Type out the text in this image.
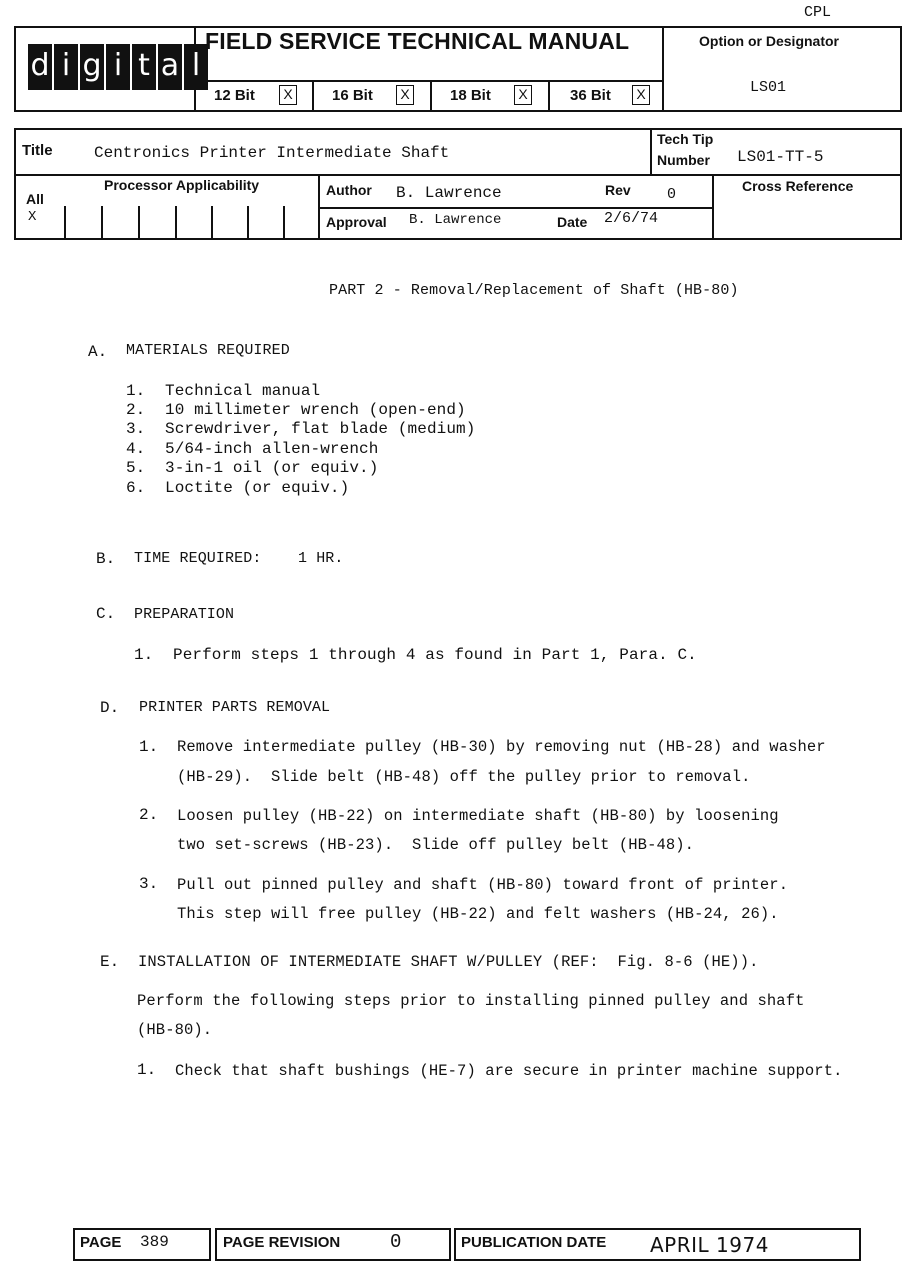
CPL
d i g i t a l
FIELD SERVICE TECHNICAL MANUAL	Option or Designator
LS01
12 Bit	X	16 Bit	X	18 Bit	X	36 Bit	X
Title	Centronics Printer Intermediate Shaft
Tech Tip
Number LS01-TT-5
Processor Applicability
All
X
Author B. Lawrence	Rev 0
Approval B. Lawrence	Date 2/6/74
Cross Reference
PART 2 - Removal/Replacement of Shaft (HB-80)
A. MATERIALS REQUIRED
1. Technical manual
2. 10 millimeter wrench (open-end)
3. Screwdriver, flat blade (medium)
4. 5/64-inch allen-wrench
5. 3-in-1 oil (or equiv.)
6. Loctite (or equiv.)
B. TIME REQUIRED: 1 HR.
C. PREPARATION
1. Perform steps 1 through 4 as found in Part 1, Para. C.
D. PRINTER PARTS REMOVAL
1. Remove intermediate pulley (HB-30) by removing nut (HB-28) and washer
(HB-29).  Slide belt (HB-48) off the pulley prior to removal.
2. Loosen pulley (HB-22) on intermediate shaft (HB-80) by loosening
two set-screws (HB-23).  Slide off pulley belt (HB-48).
3. Pull out pinned pulley and shaft (HB-80) toward front of printer.
This step will free pulley (HB-22) and felt washers (HB-24, 26).
E. INSTALLATION OF INTERMEDIATE SHAFT W/PULLEY (REF:  Fig. 8-6 (HE)).
Perform the following steps prior to installing pinned pulley and shaft
(HB-80).
1. Check that shaft bushings (HE-7) are secure in printer machine support.
PAGE 389	PAGE REVISION	0	PUBLICATION DATE APRIL 1974
